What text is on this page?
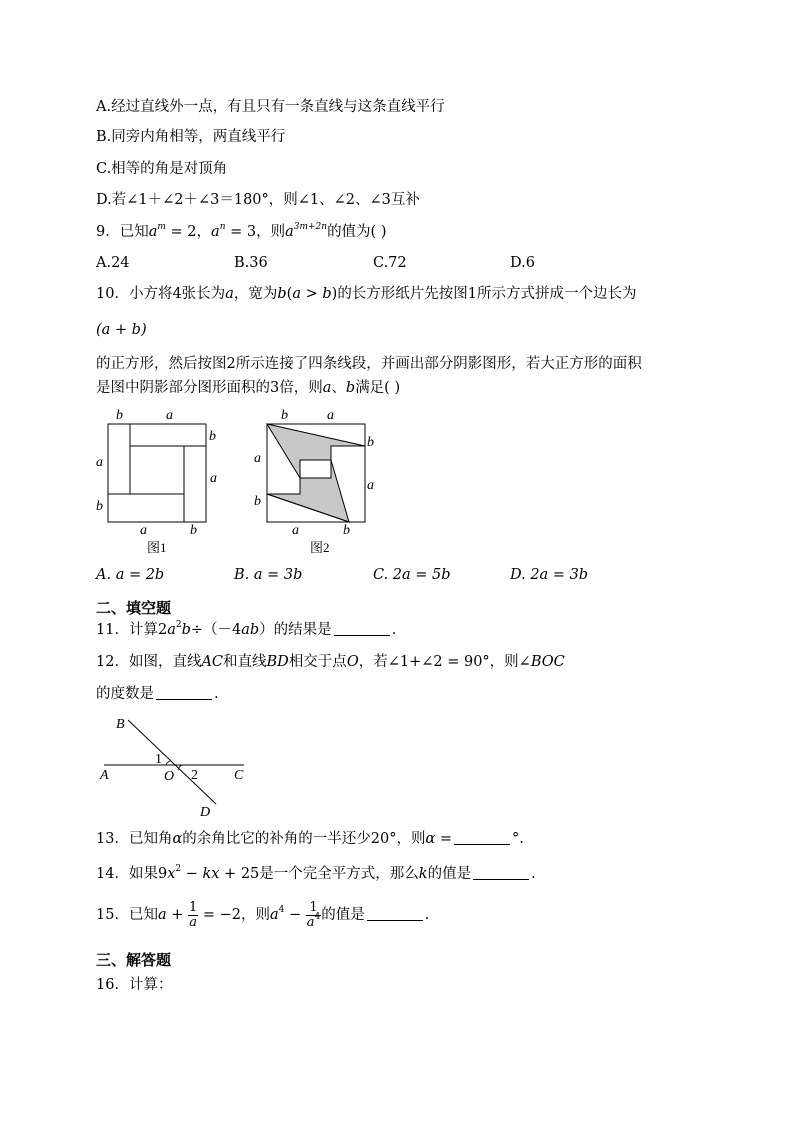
A.经过直线外一点，有且只有一条直线与这条直线平行
B.同旁内角相等，两直线平行
C.相等的角是对顶角
D.若∠1＋∠2＋∠3＝180°，则∠1、∠2、∠3互补
9．已知$a^m = 2$，$a^n = 3$，则$a^{3m+2n}$的值为( )
A.24	B.36	C.72	D.6
10．小方将4张长为a，宽为b(a > b)的长方形纸片先按图1所示方式拼成一个边长为
(a + b)
的正方形，然后按图2所示连接了四条线段，并画出部分阴影图形，若大正方形的面积
是图中阴影部分图形面积的3倍，则a、b满足( )
b	a
b
a
a
b
a	b
图1
b	a
b
a
a
b
a	b
图2
A. a = 2b	B. a = 3b	C. 2a = 5b	D. 2a = 3b
二、填空题
11．计算$2a^2b\div(-4ab)$的结果是	.
12．如图，直线AC和直线BD相交于点O，若∠1+∠2 = 90°，则∠BOC
的度数是	.
B
A	O	C
D
1
2
13．已知角α的余角比它的补角的一半还少20°，则α =	°.
14．如果$9x^2$ − kx + 25是一个完全平方式，那么k的值是	.
15．已知$a + \frac{1}{a} = -2$，则$a^4 - \frac{1}{a^4}$ 的值是	.
三、解答题
16．计算：
